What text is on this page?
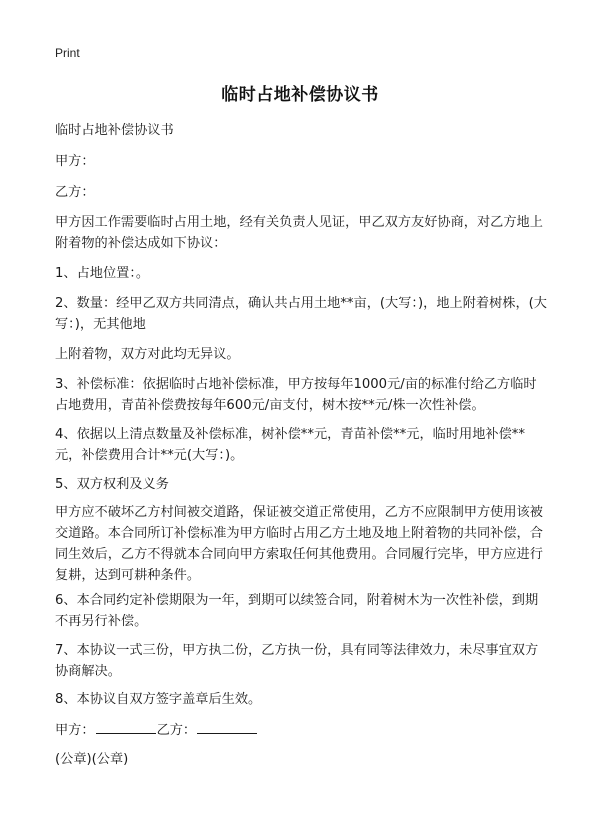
Print
临时占地补偿协议书
临时占地补偿协议书
甲方：
乙方：
甲方因工作需要临时占用土地，经有关负责人见证，甲乙双方友好协商，对乙方地上附着物的补偿达成如下协议：
1、占地位置：。
2、数量：经甲乙双方共同清点，确认共占用土地**亩，(大写：)，地上附着树株，(大写：)，无其他地
上附着物，双方对此均无异议。
3、补偿标准：依据临时占地补偿标准，甲方按每年1000元/亩的标准付给乙方临时占地费用，青苗补偿费按每年600元/亩支付，树木按**元/株一次性补偿。
4、依据以上清点数量及补偿标准，树补偿**元，青苗补偿**元，临时用地补偿**元，补偿费用合计**元(大写：)。
5、双方权利及义务
甲方应不破坏乙方村间被交道路，保证被交道正常使用，乙方不应限制甲方使用该被交道路。本合同所订补偿标准为甲方临时占用乙方土地及地上附着物的共同补偿，合同生效后，乙方不得就本合同向甲方索取任何其他费用。合同履行完毕，甲方应进行复耕，达到可耕种条件。
6、本合同约定补偿期限为一年，到期可以续签合同，附着树木为一次性补偿，到期不再另行补偿。
7、本协议一式三份，甲方执二份，乙方执一份，具有同等法律效力，未尽事宜双方协商解决。
8、本协议自双方签字盖章后生效。
甲方：	乙方：
(公章)(公章)
